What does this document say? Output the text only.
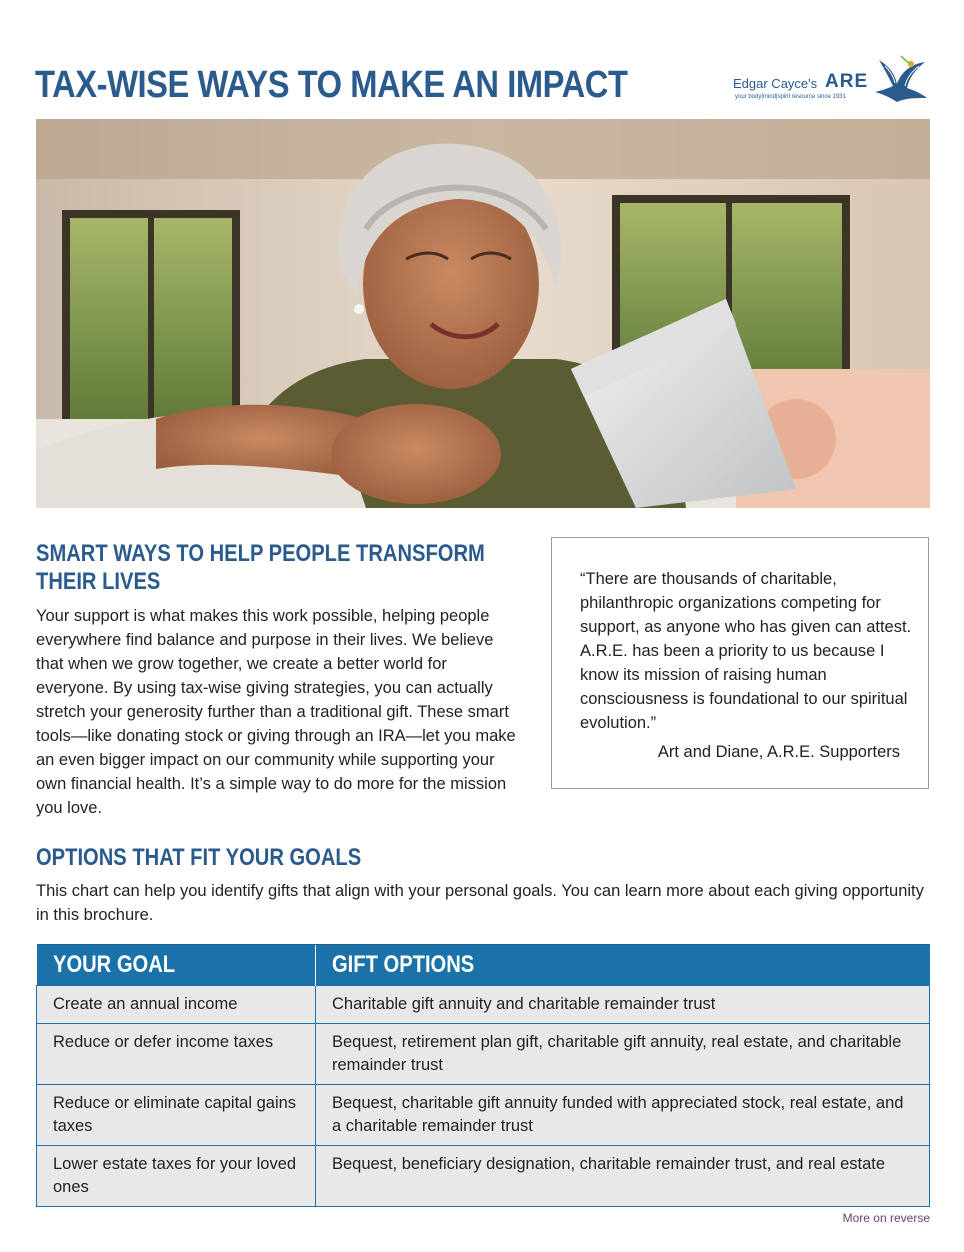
TAX-WISE WAYS TO MAKE AN IMPACT	Edgar Cayce's ARE
your body|mind|spirit resource since 1931
SMART WAYS TO HELP PEOPLE TRANSFORM
THEIR LIVES

Your support is what makes this work possible, helping people everywhere find balance and purpose in their lives. We believe that when we grow together, we create a better world for everyone. By using tax-wise giving strategies, you can actually stretch your generosity further than a traditional gift. These smart tools—like donating stock or giving through an IRA—let you make an even bigger impact on our community while supporting your own financial health. It’s a simple way to do more for the mission you love.

“There are thousands of charitable, philanthropic organizations competing for support, as anyone who has given can attest. A.R.E. has been a priority to us because I know its mission of raising human consciousness is foundational to our spiritual evolution.”
Art and Diane, A.R.E. Supporters
OPTIONS THAT FIT YOUR GOALS

This chart can help you identify gifts that align with your personal goals. You can learn more about each giving opportunity in this brochure.

YOUR GOAL	GIFT OPTIONS
Create an annual income	Charitable gift annuity and charitable remainder trust
Reduce or defer income taxes	Bequest, retirement plan gift, charitable gift annuity, real estate, and charitable remainder trust
Reduce or eliminate capital gains taxes	Bequest, charitable gift annuity funded with appreciated stock, real estate, and a charitable remainder trust
Lower estate taxes for your loved ones	Bequest, beneficiary designation, charitable remainder trust, and real estate
More on reverse
